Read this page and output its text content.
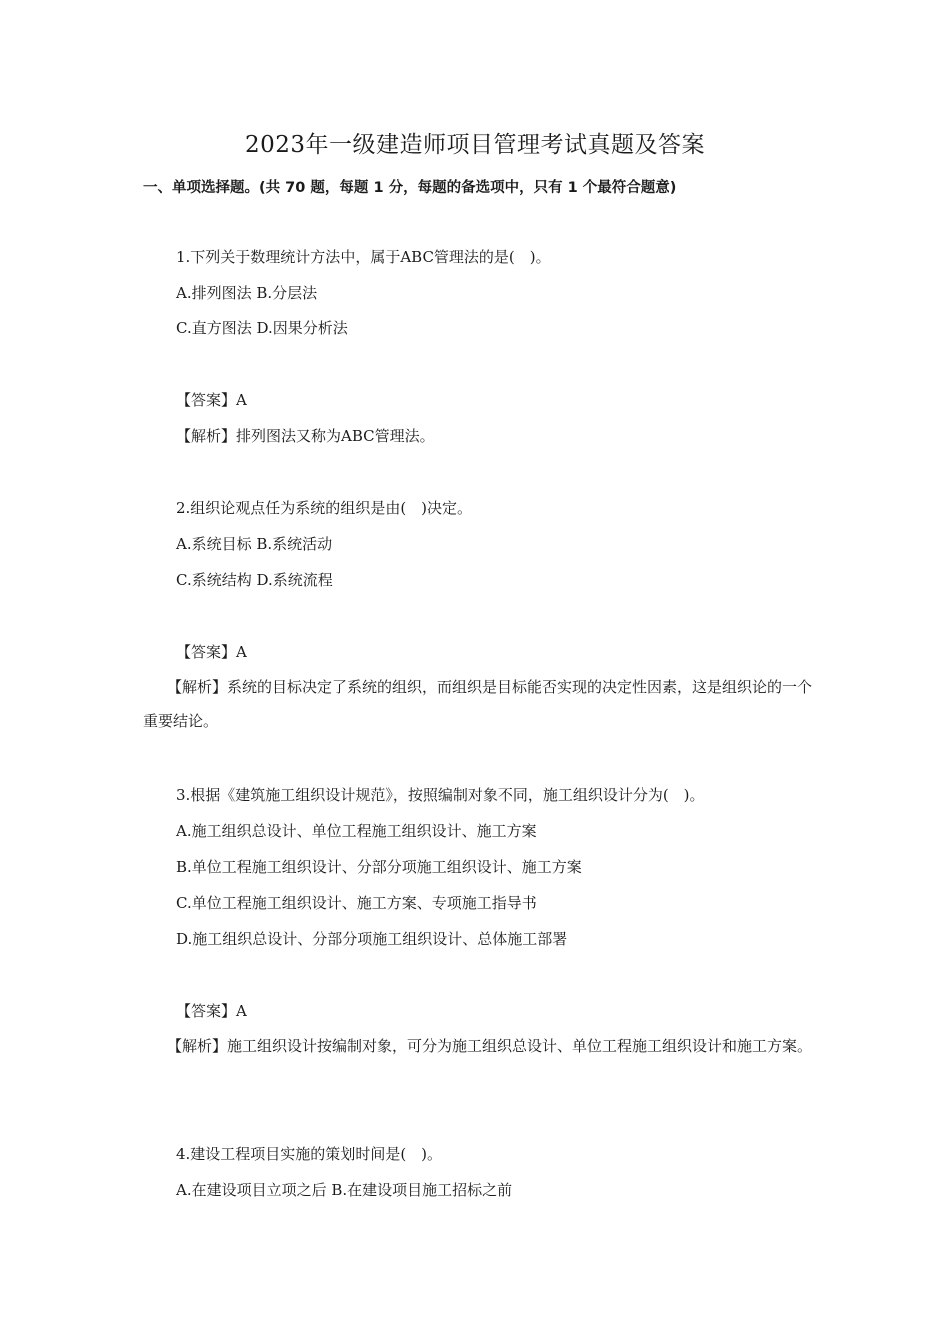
2023年一级建造师项目管理考试真题及答案
一、单项选择题。(共 70 题，每题 1 分，每题的备选项中，只有 1 个最符合题意)
1.下列关于数理统计方法中，属于ABC管理法的是(　)。
A.排列图法 B.分层法
C.直方图法 D.因果分析法
【答案】A
【解析】排列图法又称为ABC管理法。
2.组织论观点任为系统的组织是由(　)决定。
A.系统目标 B.系统活动
C.系统结构 D.系统流程
【答案】A
【解析】系统的目标决定了系统的组织，而组织是目标能否实现的决定性因素，这是组织论的一个重要结论。
3.根据《建筑施工组织设计规范》，按照编制对象不同，施工组织设计分为(　)。
A.施工组织总设计、单位工程施工组织设计、施工方案
B.单位工程施工组织设计、分部分项施工组织设计、施工方案
C.单位工程施工组织设计、施工方案、专项施工指导书
D.施工组织总设计、分部分项施工组织设计、总体施工部署
【答案】A
【解析】施工组织设计按编制对象，可分为施工组织总设计、单位工程施工组织设计和施工方案。
4.建设工程项目实施的策划时间是(　)。
A.在建设项目立项之后 B.在建设项目施工招标之前
